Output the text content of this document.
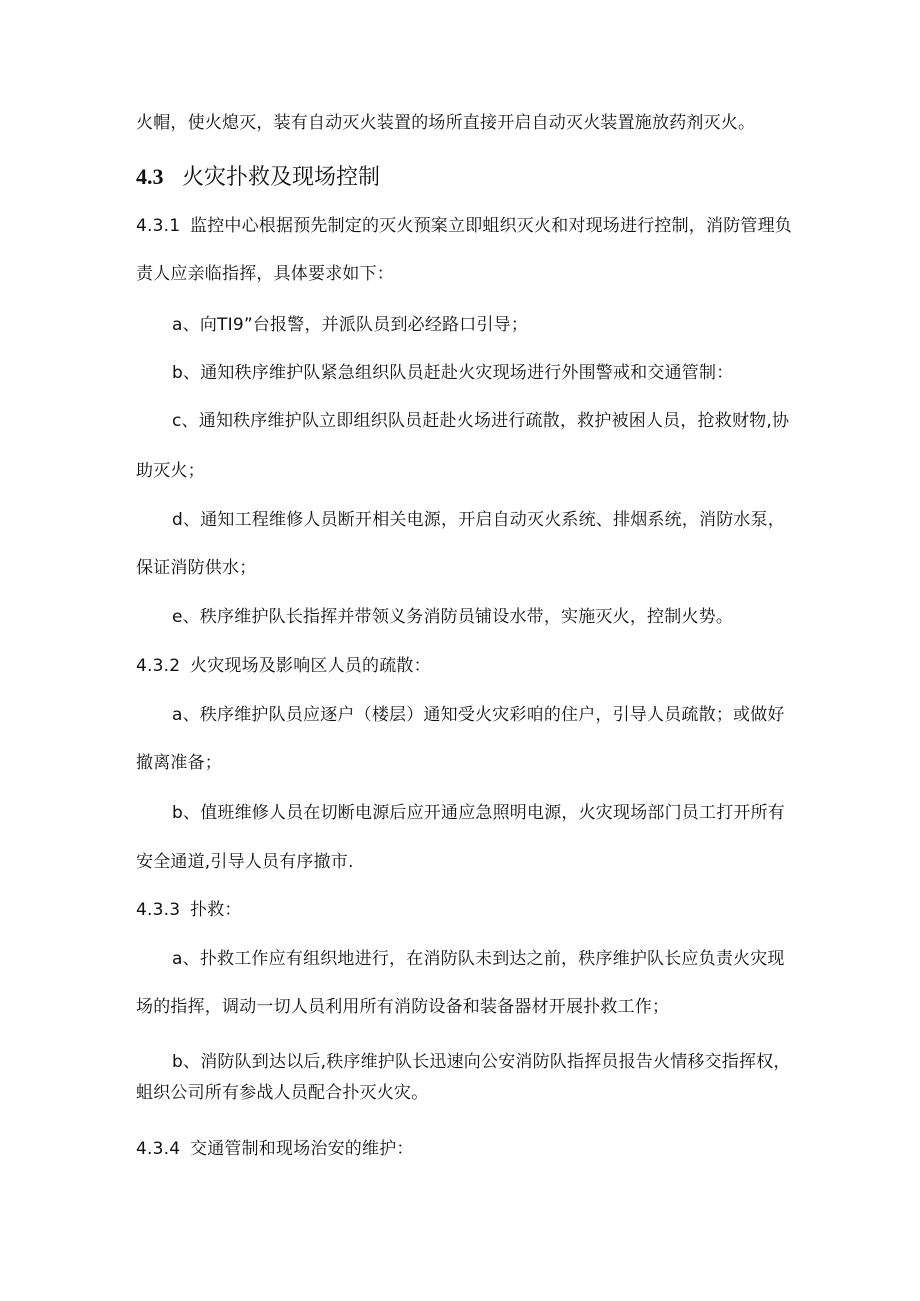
火帽，使火熄灭，装有自动灭火装置的场所直接开启自动灭火装置施放药剂灭火。
4.3 火灾扑救及现场控制
4.3.1 监控中心根据预先制定的灭火预案立即蛆织灭火和对现场进行控制，消防管理负
责人应亲临指挥，具体要求如下：
a、向TI9”台报警，并派队员到必经路口引导；
b、通知秩序维护队紧急组织队员赶赴火灾现场进行外围警戒和交通管制：
c、通知秩序维护队立即组织队员赶赴火场进行疏散，救护被困人员，抢救财物,协
助灭火；
d、通知工程维修人员断开相关电源，开启自动灭火系统、排烟系统，消防水泵，
保证消防供水；
e、秩序维护队长指挥并带领义务消防员铺设水带，实施灭火，控制火势。
4.3.2 火灾现场及影响区人员的疏散：
a、秩序维护队员应逐户（楼层）通知受火灾彩咱的住户，引导人员疏散；或做好
撤离准备；
b、值班维修人员在切断电源后应开通应急照明电源，火灾现场部门员工打开所有
安全通道,引导人员有序撤市.
4.3.3 扑救：
a、扑救工作应有组织地进行，在消防队未到达之前，秩序维护队长应负责火灾现
场的指挥，调动一切人员利用所有消防设备和装备器材开展扑救工作；
b、消防队到达以后,秩序维护队长迅速向公安消防队指挥员报告火情移交指挥权，
蛆织公司所有参战人员配合扑灭火灾。
4.3.4 交通管制和现场治安的维护：
